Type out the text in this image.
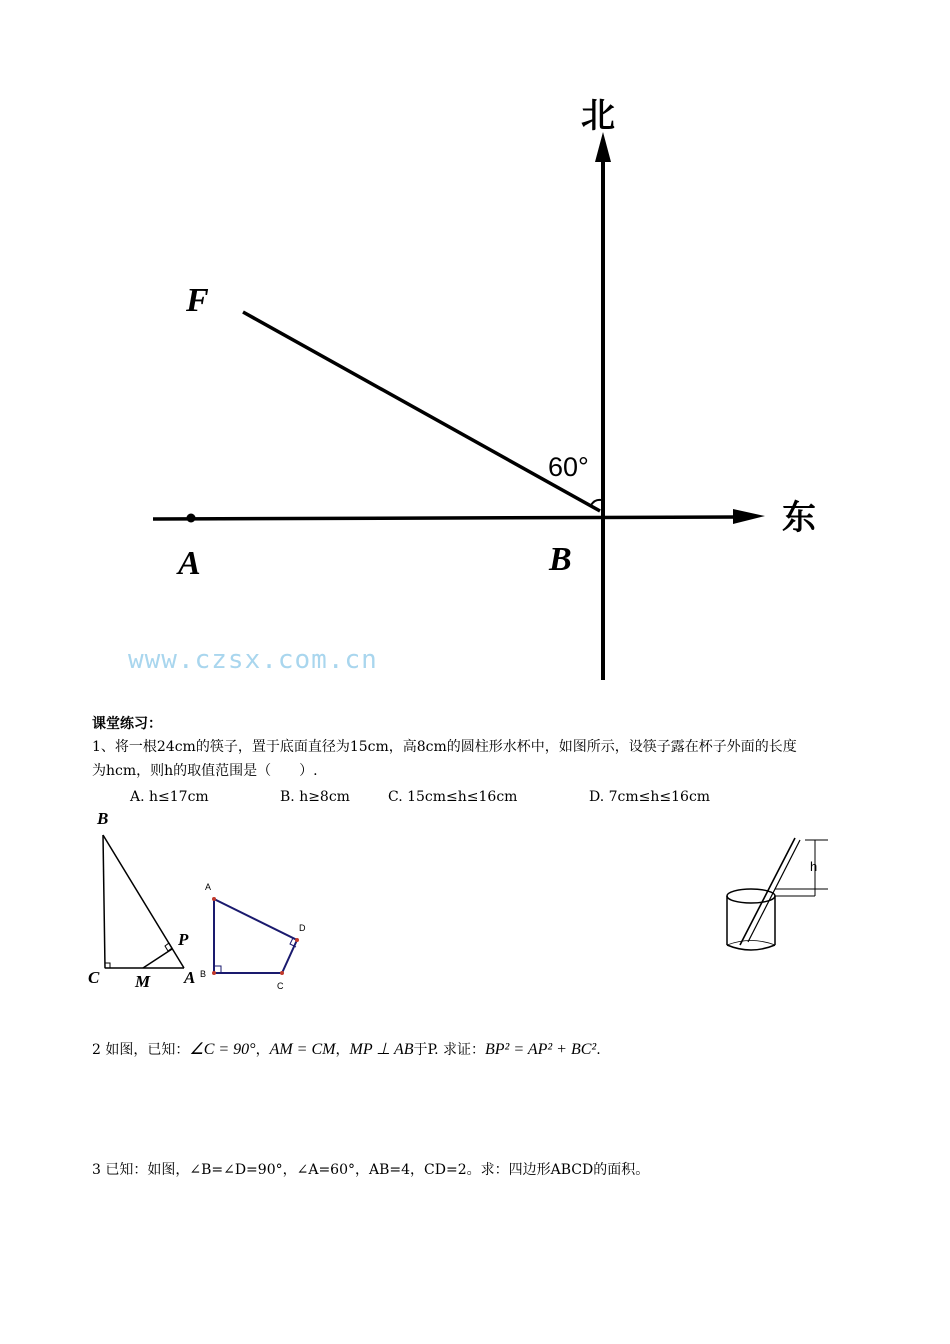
北
东
F
A	B
60°
www.czsx.com.cn
课堂练习：
1、将一根24cm的筷子，置于底面直径为15cm，高8cm的圆柱形水杯中，如图所示，设筷子露在杯子外面的长度
为hcm，则h的取值范围是（　　）.
A. h≤17cm	B. h≥8cm	C. 15cm≤h≤16cm	D. 7cm≤h≤16cm
B
C M A
P
A
B
C
D
h
2 如图，已知：∠C = 90°，AM = CM，MP ⊥ AB于P. 求证：BP² = AP² + BC².
3 已知：如图，∠B=∠D=90°，∠A=60°，AB=4，CD=2。求：四边形ABCD的面积。
